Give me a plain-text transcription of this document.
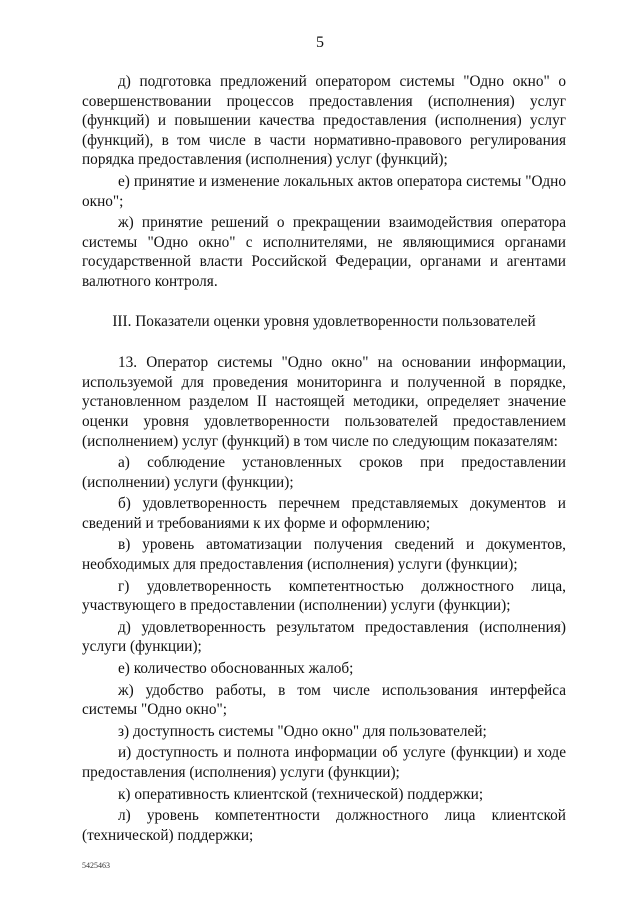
5

д) подготовка предложений оператором системы "Одно окно" о совершенствовании процессов предоставления (исполнения) услуг (функций) и повышении качества предоставления (исполнения) услуг (функций), в том числе в части нормативно-правового регулирования порядка предоставления (исполнения) услуг (функций);

е) принятие и изменение локальных актов оператора системы "Одно окно";

ж) принятие решений о прекращении взаимодействия оператора системы "Одно окно" с исполнителями, не являющимися органами государственной власти Российской Федерации, органами и агентами валютного контроля.

III. Показатели оценки уровня удовлетворенности пользователей

13. Оператор системы "Одно окно" на основании информации, используемой для проведения мониторинга и полученной в порядке, установленном разделом II настоящей методики, определяет значение оценки уровня удовлетворенности пользователей предоставлением (исполнением) услуг (функций) в том числе по следующим показателям:

а) соблюдение установленных сроков при предоставлении (исполнении) услуги (функции);

б) удовлетворенность перечнем представляемых документов и сведений и требованиями к их форме и оформлению;

в) уровень автоматизации получения сведений и документов, необходимых для предоставления (исполнения) услуги (функции);

г) удовлетворенность компетентностью должностного лица, участвующего в предоставлении (исполнении) услуги (функции);

д) удовлетворенность результатом предоставления (исполнения) услуги (функции);

е) количество обоснованных жалоб;

ж) удобство работы, в том числе использования интерфейса системы "Одно окно";

з) доступность системы "Одно окно" для пользователей;

и) доступность и полнота информации об услуге (функции) и ходе предоставления (исполнения) услуги (функции);

к) оперативность клиентской (технической) поддержки;

л) уровень компетентности должностного лица клиентской (технической) поддержки;

5425463
